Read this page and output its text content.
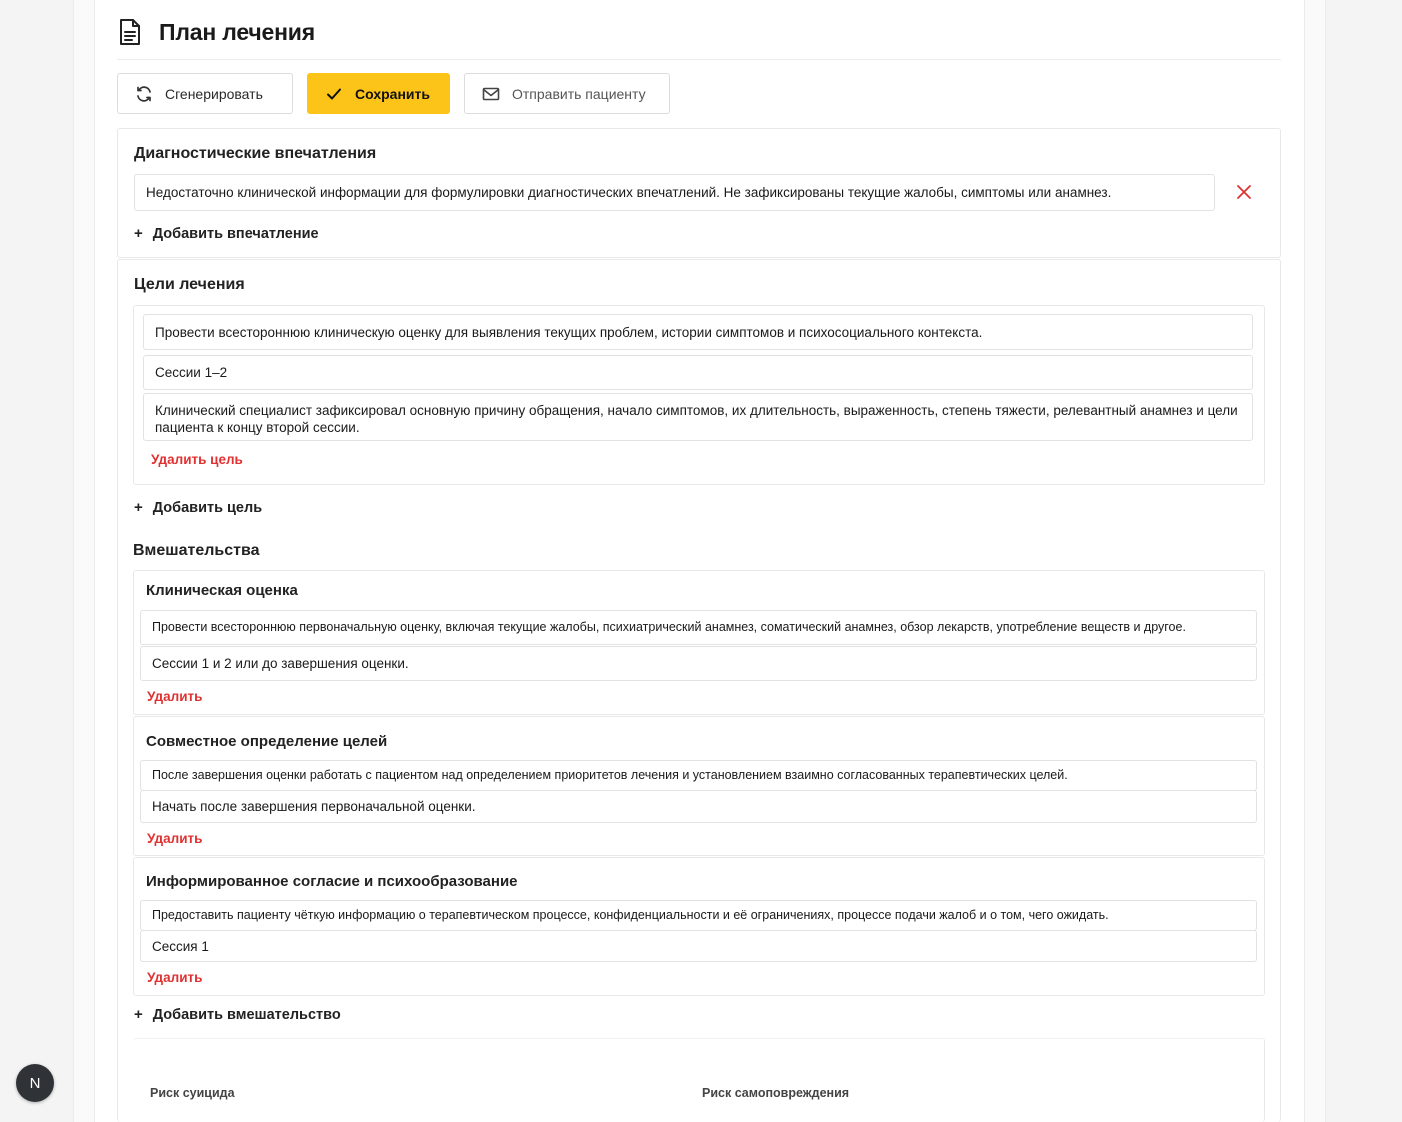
План лечения
Сгенерировать	Сохранить	Отправить пациенту
Диагностические впечатления
Недостаточно клинической информации для формулировки диагностических впечатлений. Не зафиксированы текущие жалобы, симптомы или анамнез.
+ Добавить впечатление
Цели лечения
Провести всестороннюю клиническую оценку для выявления текущих проблем, истории симптомов и психосоциального контекста.
Сессии 1–2
Клинический специалист зафиксировал основную причину обращения, начало симптомов, их длительность, выраженность, степень тяжести, релевантный анамнез и цели пациента к концу второй сессии.
Удалить цель
+ Добавить цель
Вмешательства
Клиническая оценка
Провести всестороннюю первоначальную оценку, включая текущие жалобы, психиатрический анамнез, соматический анамнез, обзор лекарств, употребление веществ и другое.
Сессии 1 и 2 или до завершения оценки.
Удалить
Совместное определение целей
После завершения оценки работать с пациентом над определением приоритетов лечения и установлением взаимно согласованных терапевтических целей.
Начать после завершения первоначальной оценки.
Удалить
Информированное согласие и психообразование
Предоставить пациенту чёткую информацию о терапевтическом процессе, конфиденциальности и её ограничениях, процессе подачи жалоб и о том, чего ожидать.
Сессия 1
Удалить
+ Добавить вмешательство
Риск суицида	Риск самоповреждения
N
